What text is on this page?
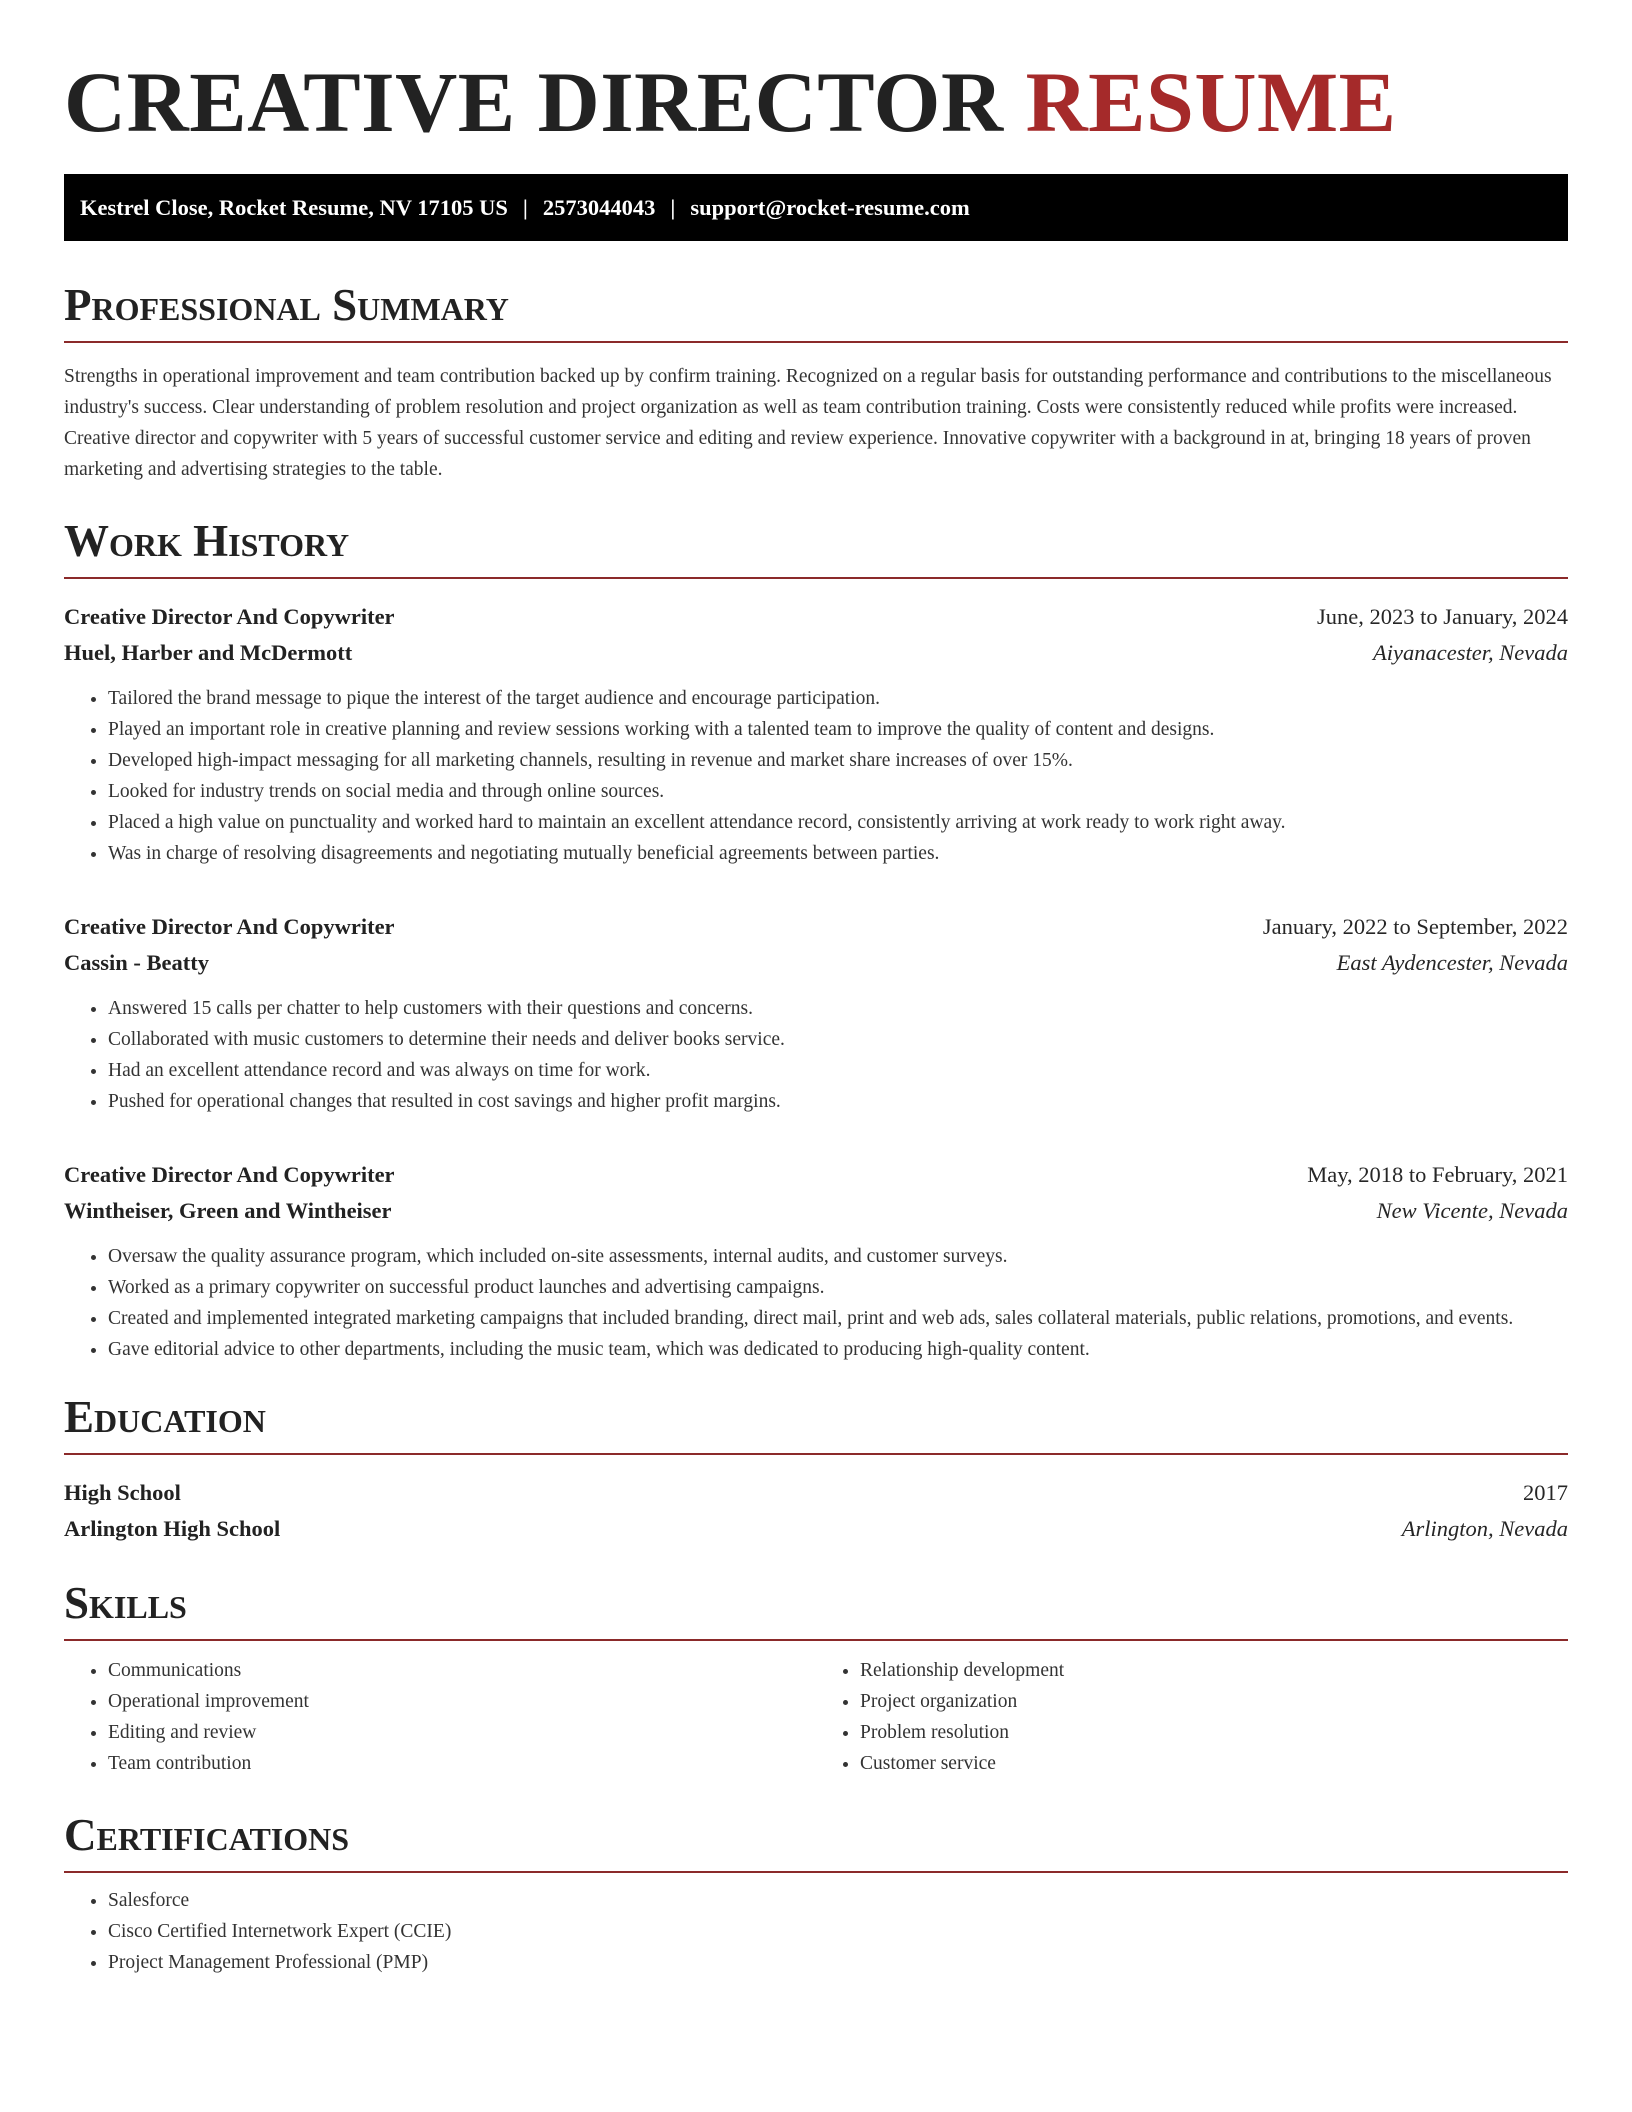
CREATIVE DIRECTOR RESUME
Kestrel Close, Rocket Resume, NV 17105 US | 2573044043 | support@rocket-resume.com
Professional Summary

Strengths in operational improvement and team contribution backed up by confirm training. Recognized on a regular basis for outstanding performance and contributions to the miscellaneous industry's success. Clear understanding of problem resolution and project organization as well as team contribution training. Costs were consistently reduced while profits were increased. Creative director and copywriter with 5 years of successful customer service and editing and review experience. Innovative copywriter with a background in at, bringing 18 years of proven marketing and advertising strategies to the table.

Work History
Creative Director And Copywriter	June, 2023 to January, 2024
Huel, Harber and McDermott	Aiyanacester, Nevada
• Tailored the brand message to pique the interest of the target audience and encourage participation.
• Played an important role in creative planning and review sessions working with a talented team to improve the quality of content and designs.
• Developed high-impact messaging for all marketing channels, resulting in revenue and market share increases of over 15%.
• Looked for industry trends on social media and through online sources.
• Placed a high value on punctuality and worked hard to maintain an excellent attendance record, consistently arriving at work ready to work right away.
• Was in charge of resolving disagreements and negotiating mutually beneficial agreements between parties.
Creative Director And Copywriter	January, 2022 to September, 2022
Cassin - Beatty	East Aydencester, Nevada
• Answered 15 calls per chatter to help customers with their questions and concerns.
• Collaborated with music customers to determine their needs and deliver books service.
• Had an excellent attendance record and was always on time for work.
• Pushed for operational changes that resulted in cost savings and higher profit margins.
Creative Director And Copywriter	May, 2018 to February, 2021
Wintheiser, Green and Wintheiser	New Vicente, Nevada
• Oversaw the quality assurance program, which included on-site assessments, internal audits, and customer surveys.
• Worked as a primary copywriter on successful product launches and advertising campaigns.
• Created and implemented integrated marketing campaigns that included branding, direct mail, print and web ads, sales collateral materials, public relations, promotions, and events.
• Gave editorial advice to other departments, including the music team, which was dedicated to producing high-quality content.
Education
High School	2017
Arlington High School	Arlington, Nevada
Skills
• Communications
• Operational improvement
• Editing and review
• Team contribution
• Relationship development
• Project organization
• Problem resolution
• Customer service
Certifications
• Salesforce
• Cisco Certified Internetwork Expert (CCIE)
• Project Management Professional (PMP)
